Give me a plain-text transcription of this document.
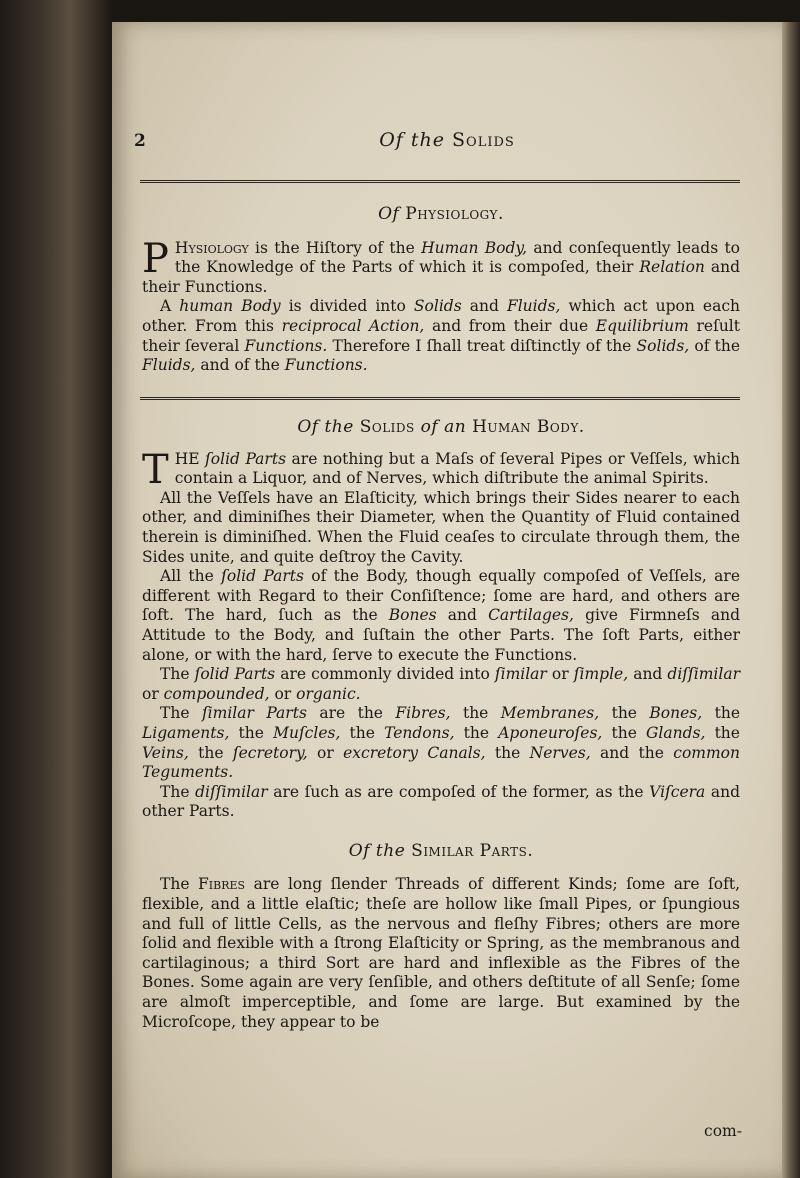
2	Of the Solids
Of Physiology.

P Hysiology is the Hiſtory of the Human Body, and conſequently leads to the Knowledge of the Parts of which it is compoſed, their Relation and their Functions.

A human Body is divided into Solids and Fluids, which act upon each other. From this reciprocal Action, and from their due Equilibrium reſult their ſeveral Functions. Therefore I ſhall treat diſtinctly of the Solids, of the Fluids, and of the Functions.

Of the Solids of an Human Body.

THE ſolid Parts are nothing but a Maſs of ſeveral Pipes or Veſſels, which contain a Liquor, and of Nerves, which diſtribute the animal Spirits.

All the Veſſels have an Elaſticity, which brings their Sides nearer to each other, and diminiſhes their Diameter, when the Quantity of Fluid contained therein is diminiſhed. When the Fluid ceaſes to circulate through them, the Sides unite, and quite deſtroy the Cavity.

All the ſolid Parts of the Body, though equally compoſed of Veſſels, are different with Regard to their Conſiſtence; ſome are hard, and others are ſoft. The hard, ſuch as the Bones and Cartilages, give Firmneſs and Attitude to the Body, and ſuſtain the other Parts. The ſoft Parts, either alone, or with the hard, ſerve to execute the Functions.

The ſolid Parts are commonly divided into ſimilar or ſimple, and diſſimilar or compounded, or organic.

The ſimilar Parts are the Fibres, the Membranes, the Bones, the Ligaments, the Muſcles, the Tendons, the Aponeuroſes, the Glands, the Veins, the ſecretory, or excretory Canals, the Nerves, and the common Teguments.

The diſſimilar are ſuch as are compoſed of the former, as the Viſcera and other Parts.

Of the Similar Parts.

The Fibres are long ſlender Threads of different Kinds; ſome are ſoft, flexible, and a little elaſtic; theſe are hollow like ſmall Pipes, or ſpungious and full of little Cells, as the nervous and fleſhy Fibres; others are more ſolid and flexible with a ſtrong Elaſticity or Spring, as the membranous and cartilaginous; a third Sort are hard and inflexible as the Fibres of the Bones. Some again are very ſenſible, and others deſtitute of all Senſe; ſome are almoſt imperceptible, and ſome are large. But examined by the Microſcope, they appear to be

com-
